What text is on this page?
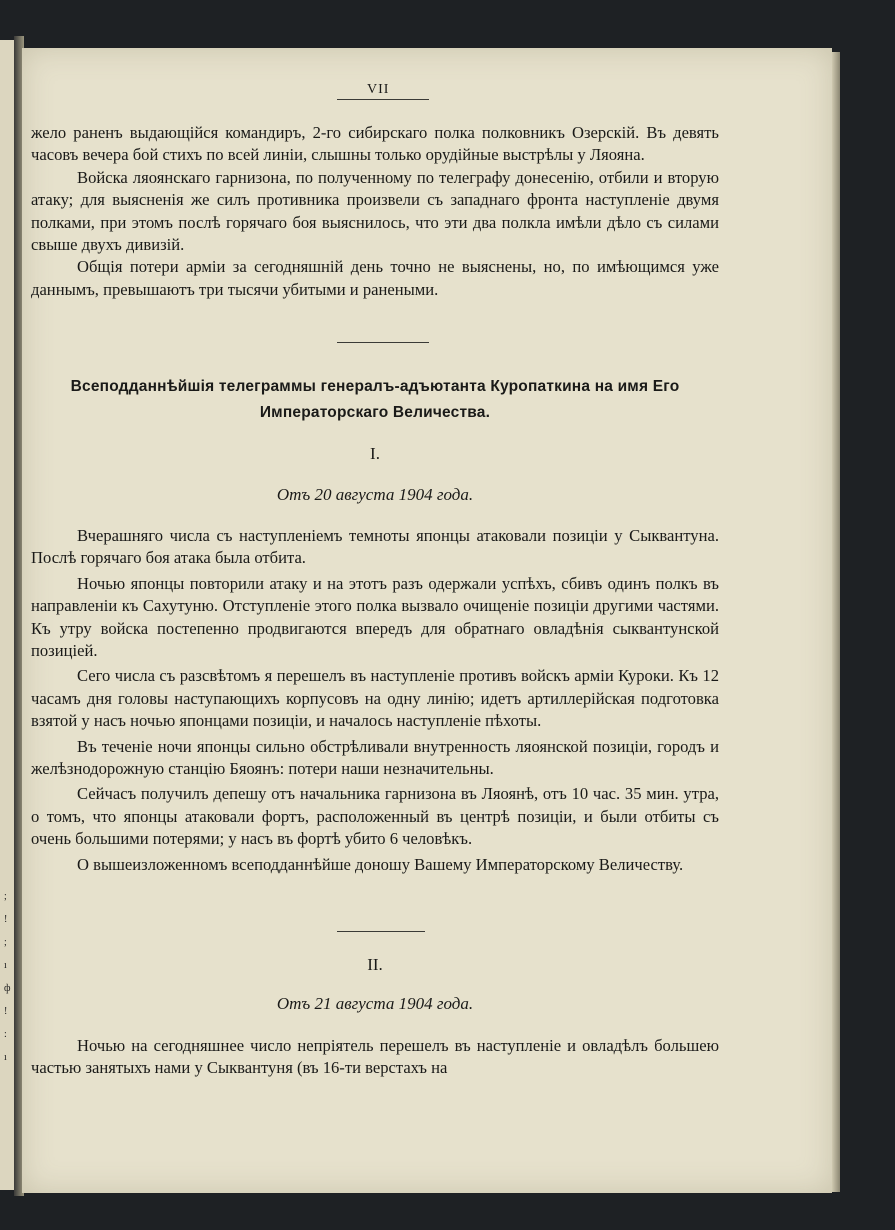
;
!
;
ı
ф
!
:
ı
VII

жело раненъ выдающійся командиръ, 2-го сибирскаго полка полковникъ Озерскій. Въ девять часовъ вечера бой стихъ по всей линіи, слышны только орудійные выстрѣлы у Ляояна.

Войска ляоянскаго гарнизона, по полученному по телеграфу донесенію, отбили и вторую атаку; для выясненія же силъ противника произвели съ западнаго фронта наступленіе двумя полками, при этомъ послѣ горячаго боя выяснилось, что эти два полкла имѣли дѣло съ силами свыше двухъ дивизій.

Общія потери арміи за сегодняшній день точно не выяснены, но, по имѣющимся уже даннымъ, превышаютъ три тысячи убитыми и ранеными.

Всеподданнѣйшія телеграммы генералъ-адъютанта Куропаткина на имя Его Императорскаго Величества.
I.
Отъ 20 августа 1904 года.

Вчерашняго числа съ наступленіемъ темноты японцы атаковали позиціи у Сыквантуна. Послѣ горячаго боя атака была отбита.

Ночью японцы повторили атаку и на этотъ разъ одержали успѣхъ, сбивъ одинъ полкъ въ направленіи къ Сахутуню. Отступленіе этого полка вызвало очищеніе позиціи другими частями. Къ утру войска постепенно продвигаются впередъ для обратнаго овладѣнія сыквантунской позиціей.

Сего числа съ разсвѣтомъ я перешелъ въ наступленіе противъ войскъ арміи Куроки. Къ 12 часамъ дня головы наступающихъ корпусовъ на одну линію; идетъ артиллерійская подготовка взятой у насъ ночью японцами позиціи, и началось наступленіе пѣхоты.

Въ теченіе ночи японцы сильно обстрѣливали внутренность ляоянской позиціи, городъ и желѣзнодорожную станцію Бяоянъ: потери наши незначительны.

Сейчасъ получилъ депешу отъ начальника гарнизона въ Ляоянѣ, отъ 10 час. 35 мин. утра, о томъ, что японцы атаковали фортъ, расположенный въ центрѣ позиціи, и были отбиты съ очень большими потерями; у насъ въ фортѣ убито 6 человѣкъ.

О вышеизложенномъ всеподданнѣйше доношу Вашему Императорскому Величеству.

II.
Отъ 21 августа 1904 года.

Ночью на сегодняшнее число непріятель перешелъ въ наступленіе и овладѣлъ большею частью занятыхъ нами у Сыквантуня (въ 16-ти верстахъ на
